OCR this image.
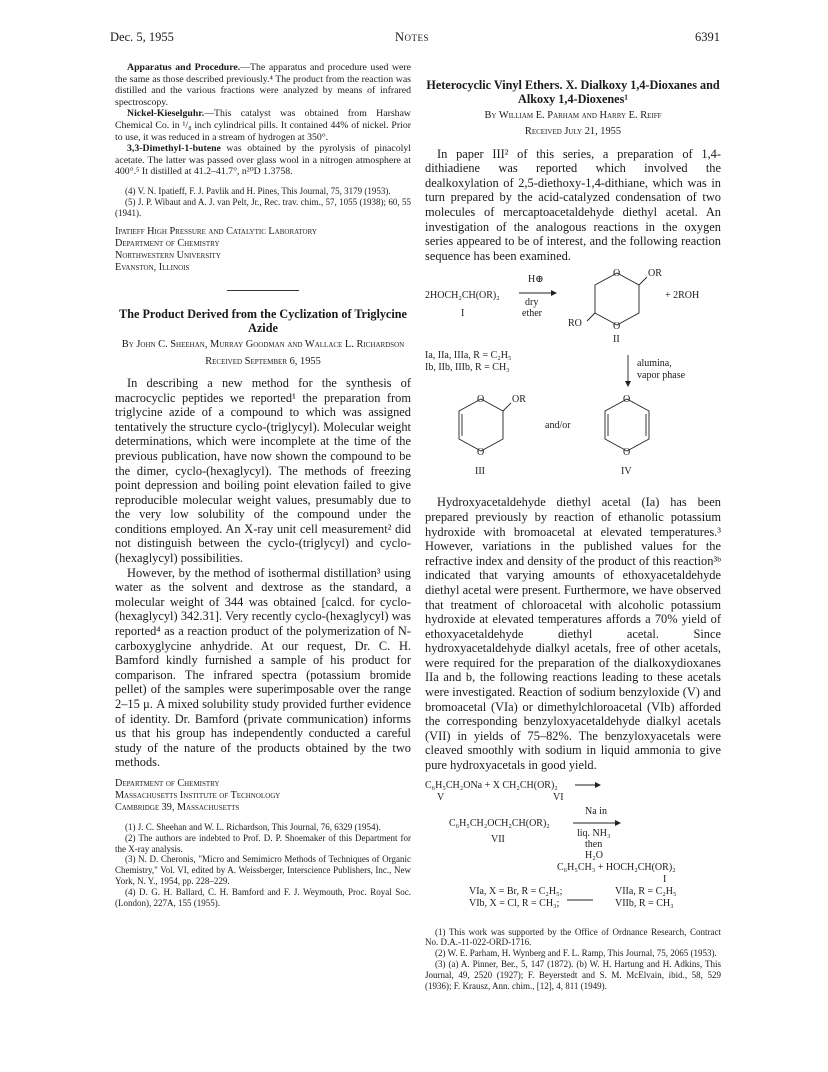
Dec. 5, 1955	Notes	6391

Apparatus and Procedure.—The apparatus and procedure used were the same as those described previously.⁴ The product from the reaction was distilled and the various fractions were analyzed by means of infrared spectroscopy.

Nickel-Kieselguhr.—This catalyst was obtained from Harshaw Chemical Co. in ¹/₈ inch cylindrical pills. It contained 44% of nickel. Prior to use, it was reduced in a stream of hydrogen at 350°.

3,3-Dimethyl-1-butene was obtained by the pyrolysis of pinacolyl acetate. The latter was passed over glass wool in a nitrogen atmosphere at 400°.⁵ It distilled at 41.2–41.7°, n²⁰D 1.3758.

(4) V. N. Ipatieff, F. J. Pavlik and H. Pines, This Journal, 75, 3179 (1953).

(5) J. P. Wibaut and A. J. van Pelt, Jr., Rec. trav. chim., 57, 1055 (1938); 60, 55 (1941).

Ipatieff High Pressure and Catalytic Laboratory
Department of Chemistry
Northwestern University
Evanston, Illinois
The Product Derived from the Cyclization of Triglycine Azide
By John C. Sheehan, Murray Goodman and Wallace L. Richardson
Received September 6, 1955

In describing a new method for the synthesis of macrocyclic peptides we reported¹ the preparation from triglycine azide of a compound to which was assigned tentatively the structure cyclo-(triglycyl). Molecular weight determinations, which were incomplete at the time of the previous publication, have now shown the compound to be the dimer, cyclo-(hexaglycyl). The methods of freezing point depression and boiling point elevation failed to give reproducible molecular weight values, presumably due to the very low solubility of the compound under the conditions employed. An X-ray unit cell measurement² did not distinguish between the cyclo-(triglycyl) and cyclo-(hexaglycyl) possibilities.

However, by the method of isothermal distillation³ using water as the solvent and dextrose as the standard, a molecular weight of 344 was obtained [calcd. for cyclo-(hexaglycyl) 342.31]. Very recently cyclo-(hexaglycyl) was reported⁴ as a reaction product of the polymerization of N-carboxyglycine anhydride. At our request, Dr. C. H. Bamford kindly furnished a sample of his product for comparison. The infrared spectra (potassium bromide pellet) of the samples were superimposable over the range 2–15 μ. A mixed solubility study provided further evidence of identity. Dr. Bamford (private communication) informs us that his group has independently conducted a careful study of the nature of the products obtained by the two methods.

Department of Chemistry
Massachusetts Institute of Technology
Cambridge 39, Massachusetts

(1) J. C. Sheehan and W. L. Richardson, This Journal, 76, 6329 (1954).

(2) The authors are indebted to Prof. D. P. Shoemaker of this Department for the X-ray analysis.

(3) N. D. Cheronis, "Micro and Semimicro Methods of Techniques of Organic Chemistry," Vol. VI, edited by A. Weissberger, Interscience Publishers, Inc., New York, N. Y., 1954, pp. 228–229.

(4) D. G. H. Ballard, C. H. Bamford and F. J. Weymouth, Proc. Royal Soc. (London), 227A, 155 (1955).

Heterocyclic Vinyl Ethers. X. Dialkoxy 1,4-Dioxanes and Alkoxy 1,4-Dioxenes¹
By William E. Parham and Harry E. Reiff
Received July 21, 1955

In paper III² of this series, a preparation of 1,4-dithiadiene was reported which involved the dealkoxylation of 2,5-diethoxy-1,4-dithiane, which was in turn prepared by the acid-catalyzed condensation of two molecules of mercaptoacetaldehyde diethyl acetal. An investigation of the analogous reactions in the oxygen series appeared to be of interest, and the following reaction sequence has been examined.

2HOCH₂CH(OR)₂
I
H⊕
dry
ether
O
O
OR
RO
+ 2ROH
II
Ia, IIa, IIIa, R = C₂H₅
Ib, IIb, IIIb, R = CH₃	alumina,
vapor phase
O
O
OR
and/or
O
O
III	IV

Hydroxyacetaldehyde diethyl acetal (Ia) has been prepared previously by reaction of ethanolic potassium hydroxide with bromoacetal at elevated temperatures.³ However, variations in the published values for the refractive index and density of the product of this reaction³ᵇ indicated that varying amounts of ethoxyacetaldehyde diethyl acetal were present. Furthermore, we have observed that treatment of chloroacetal with alcoholic potassium hydroxide at elevated temperatures affords a 70% yield of ethoxyacetaldehyde diethyl acetal. Since hydroxyacetaldehyde dialkyl acetals, free of other acetals, were required for the preparation of the dialkoxydioxanes IIa and b, the following reactions leading to these acetals were investigated. Reaction of sodium benzyloxide (V) and bromoacetal (VIa) or dimethylchloroacetal (VIb) afforded the corresponding benzyloxyacetaldehyde dialkyl acetals (VII) in yields of 75–82%. The benzyloxyacetals were cleaved smoothly with sodium in liquid ammonia to give pure hydroxyacetals in good yield.

C₆H₅CH₂ONa + X CH₂CH(OR)₂
V	VI
C₆H₅CH₂OCH₂CH(OR)₂
Na in
liq. NH₃
VII	then
H₂O
C₆H₅CH₃ + HOCH₂CH(OR)₂
I
VIa, X = Br, R = C₂H₅;	VIIa, R = C₂H₅
VIb, X = Cl, R = CH₃;	VIIb, R = CH₃

(1) This work was supported by the Office of Ordnance Research, Contract No. D.A.-11-022-ORD-1716.

(2) W. E. Parham, H. Wynberg and F. L. Ramp, This Journal, 75, 2065 (1953).

(3) (a) A. Pinner, Ber., 5, 147 (1872). (b) W. H. Hartung and H. Adkins, This Journal, 49, 2520 (1927); F. Beyerstedt and S. M. McElvain, ibid., 58, 529 (1936); F. Krausz, Ann. chim., [12], 4, 811 (1949).
